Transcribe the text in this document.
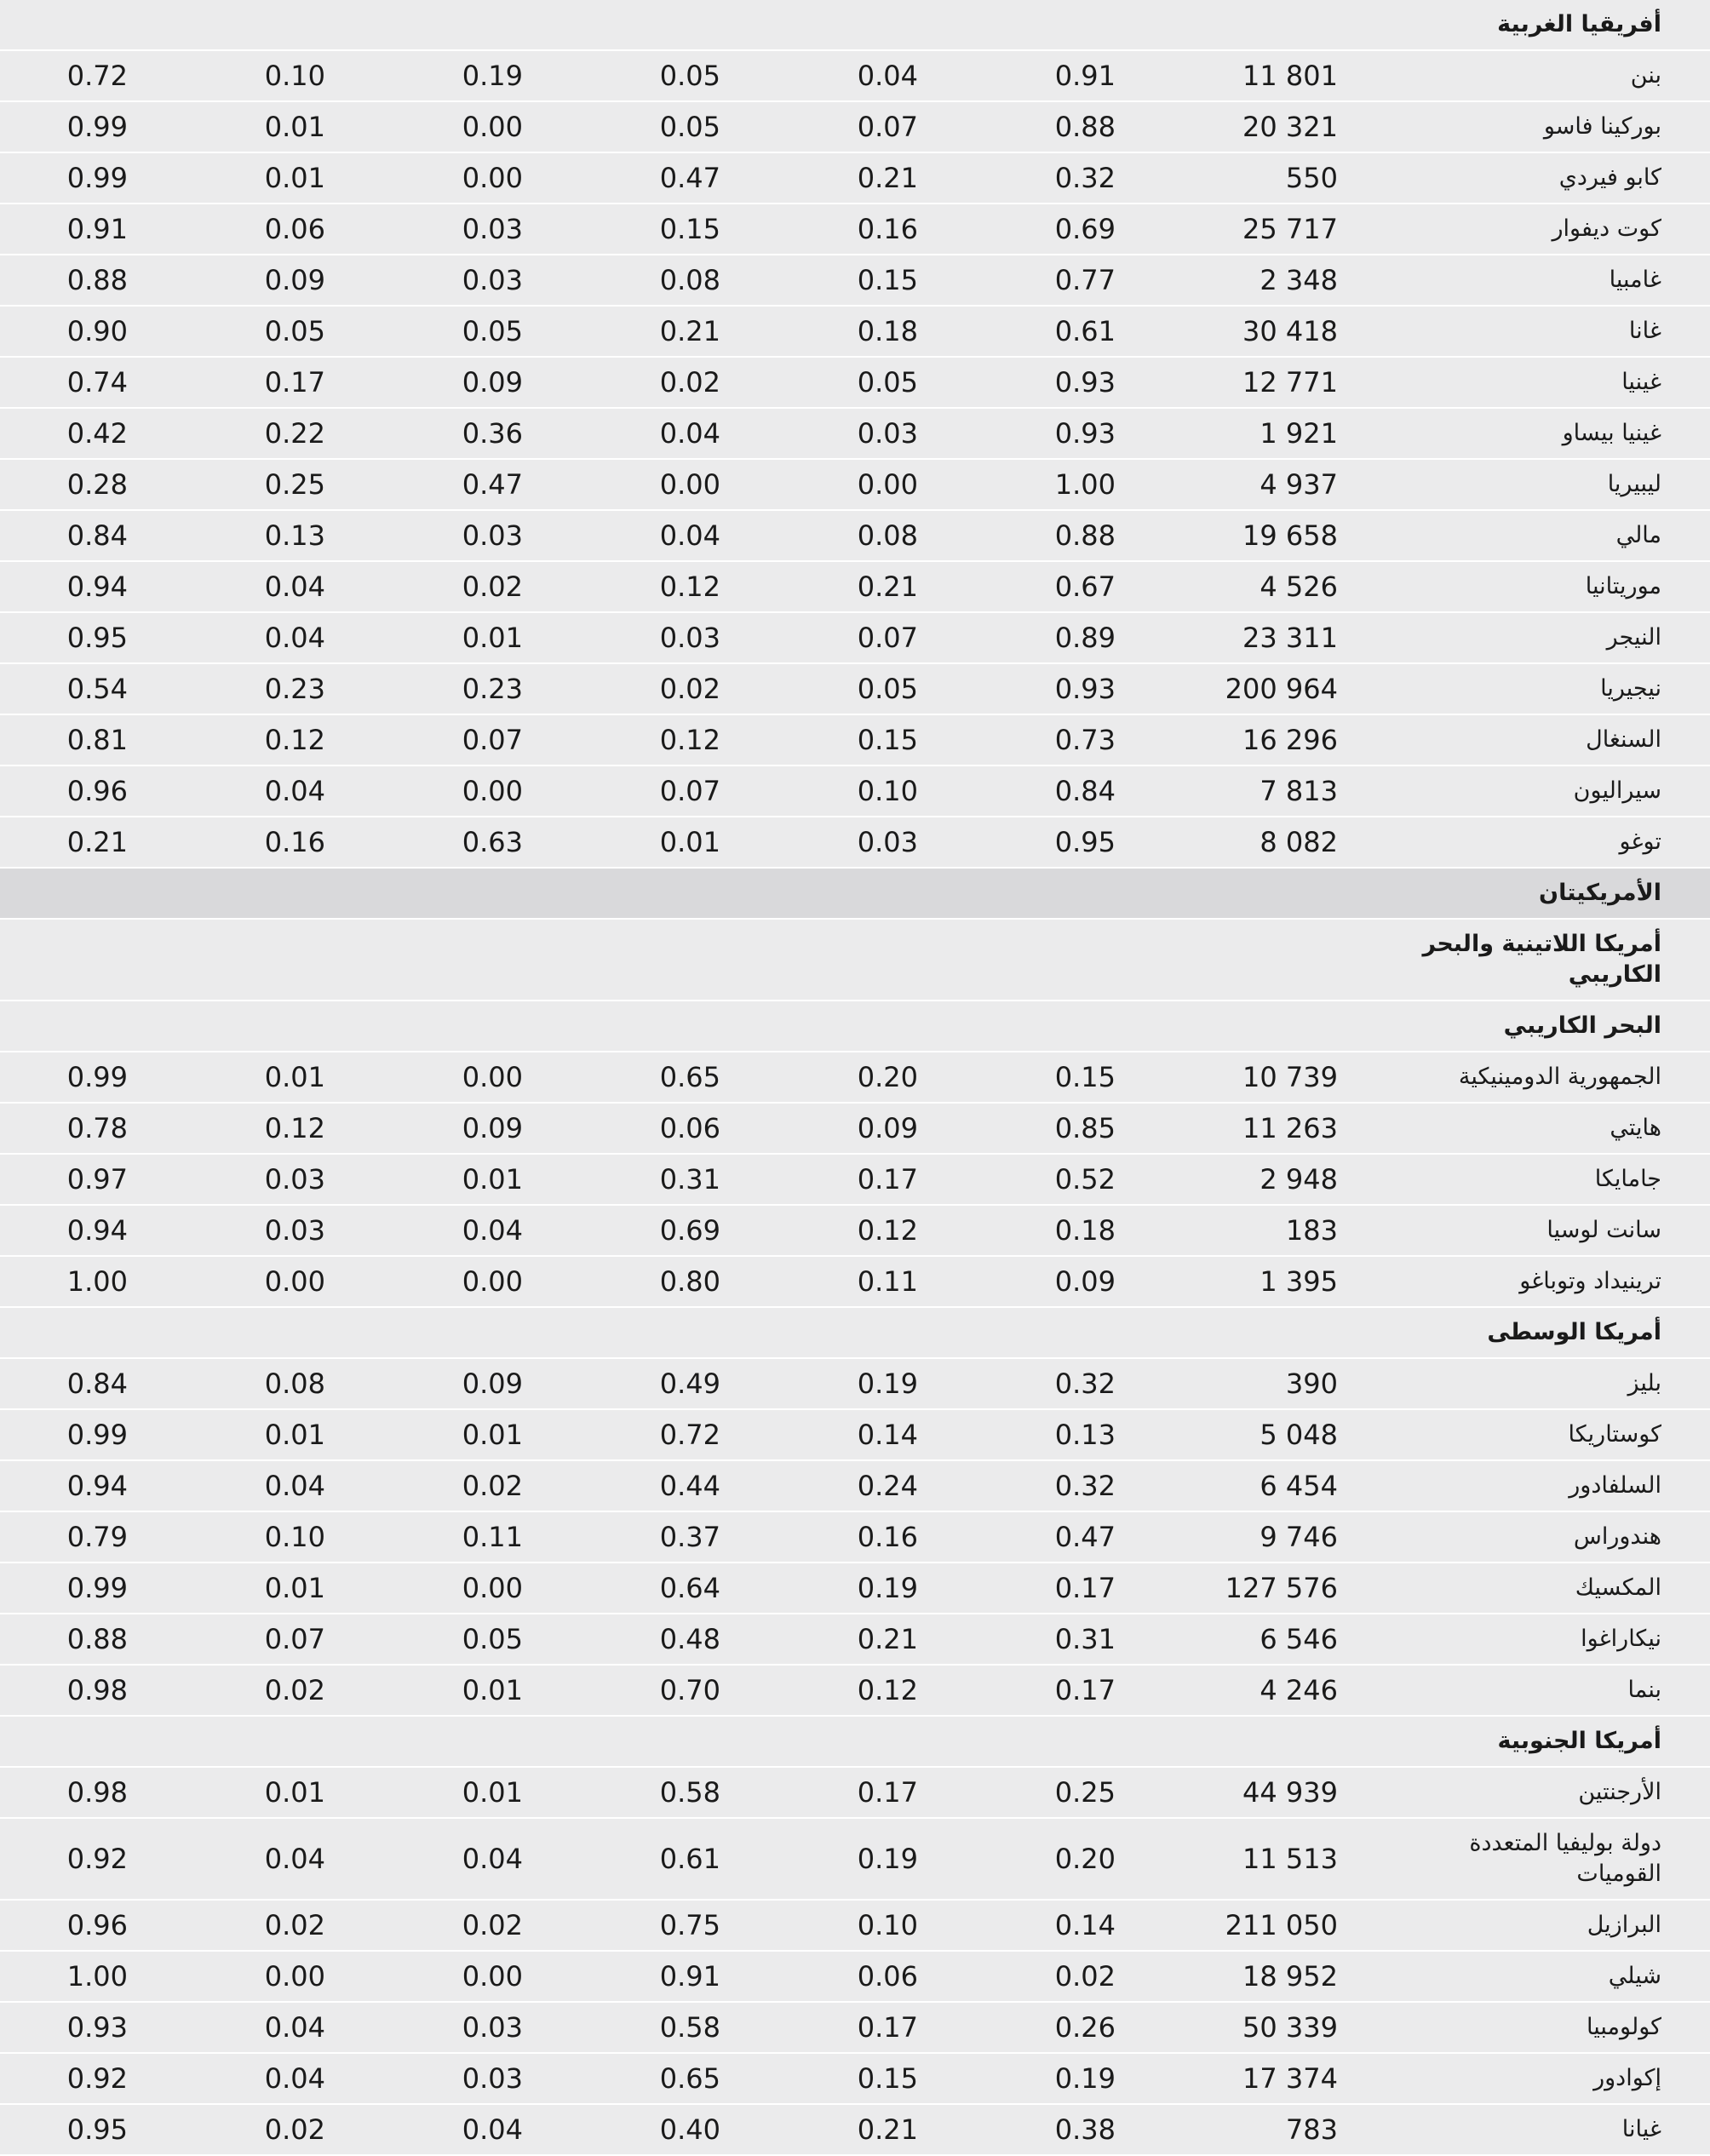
أفريقيا الغربية
بنن
11 801
0.91
0.04
0.05
0.19
0.10
0.72
بوركينا فاسو
20 321
0.88
0.07
0.05
0.00
0.01
0.99
كابو فيردي
550
0.32
0.21
0.47
0.00
0.01
0.99
كوت ديفوار
25 717
0.69
0.16
0.15
0.03
0.06
0.91
غامبيا
2 348
0.77
0.15
0.08
0.03
0.09
0.88
غانا
30 418
0.61
0.18
0.21
0.05
0.05
0.90
غينيا
12 771
0.93
0.05
0.02
0.09
0.17
0.74
غينيا بيساو
1 921
0.93
0.03
0.04
0.36
0.22
0.42
ليبيريا
4 937
1.00
0.00
0.00
0.47
0.25
0.28
مالي
19 658
0.88
0.08
0.04
0.03
0.13
0.84
موريتانيا
4 526
0.67
0.21
0.12
0.02
0.04
0.94
النيجر
23 311
0.89
0.07
0.03
0.01
0.04
0.95
نيجيريا
200 964
0.93
0.05
0.02
0.23
0.23
0.54
السنغال
16 296
0.73
0.15
0.12
0.07
0.12
0.81
سيراليون
7 813
0.84
0.10
0.07
0.00
0.04
0.96
توغو
8 082
0.95
0.03
0.01
0.63
0.16
0.21
الأمريكيتان
أمريكا اللاتينية والبحر الكاريبي
البحر الكاريبي
الجمهورية الدومينيكية
10 739
0.15
0.20
0.65
0.00
0.01
0.99
هايتي
11 263
0.85
0.09
0.06
0.09
0.12
0.78
جامايكا
2 948
0.52
0.17
0.31
0.01
0.03
0.97
سانت لوسيا
183
0.18
0.12
0.69
0.04
0.03
0.94
ترينيداد وتوباغو
1 395
0.09
0.11
0.80
0.00
0.00
1.00
أمريكا الوسطى
بليز
390
0.32
0.19
0.49
0.09
0.08
0.84
كوستاريكا
5 048
0.13
0.14
0.72
0.01
0.01
0.99
السلفادور
6 454
0.32
0.24
0.44
0.02
0.04
0.94
هندوراس
9 746
0.47
0.16
0.37
0.11
0.10
0.79
المكسيك
127 576
0.17
0.19
0.64
0.00
0.01
0.99
نيكاراغوا
6 546
0.31
0.21
0.48
0.05
0.07
0.88
بنما
4 246
0.17
0.12
0.70
0.01
0.02
0.98
أمريكا الجنوبية
الأرجنتين
44 939
0.25
0.17
0.58
0.01
0.01
0.98
دولة بوليفيا المتعددة القوميات
11 513
0.20
0.19
0.61
0.04
0.04
0.92
البرازيل
211 050
0.14
0.10
0.75
0.02
0.02
0.96
شيلي
18 952
0.02
0.06
0.91
0.00
0.00
1.00
كولومبيا
50 339
0.26
0.17
0.58
0.03
0.04
0.93
إكوادور
17 374
0.19
0.15
0.65
0.03
0.04
0.92
غيانا
783
0.38
0.21
0.40
0.04
0.02
0.95
